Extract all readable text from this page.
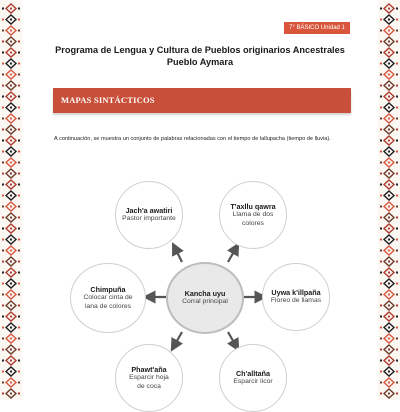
7° BÁSICO Unidad 1
Programa de Lengua y Cultura de Pueblos originarios Ancestrales
Pueblo Aymara
MAPAS SINTÁCTICOS
A continuación, se muestra un conjunto de palabras relacionadas con el tiempo de lallupacha (tiempo de lluvia).
Jach'a awatiri
Pastor importante
T'axllu qawra
Llama de dos colores
Chimpuña
Colocar cinta de lana de colores
Kancha uyu
Corral principal
Uywa k'illpaña
Floreo de llamas
Phawt'aña
Esparcir hoja de coca
Ch'alltaña
Esparcir licor
